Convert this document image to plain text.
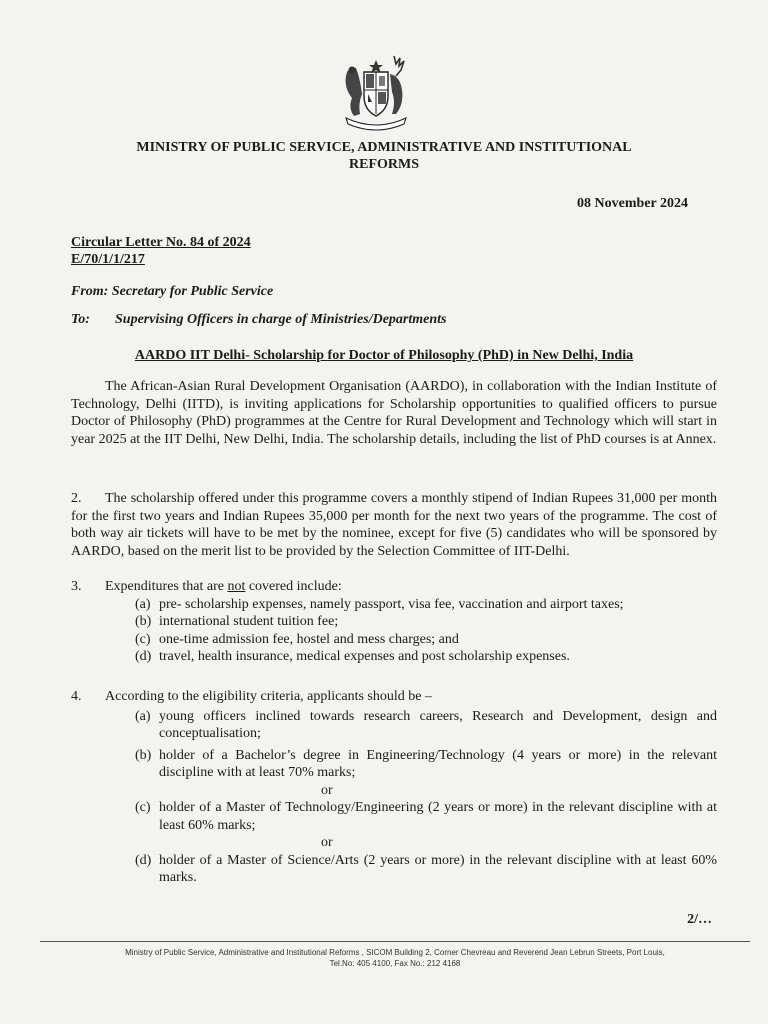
MINISTRY OF PUBLIC SERVICE, ADMINISTRATIVE AND INSTITUTIONAL
REFORMS
08 November 2024
Circular Letter No. 84 of 2024
E/70/1/1/217
From: Secretary for Public Service
To: Supervising Officers in charge of Ministries/Departments
AARDO IIT Delhi- Scholarship for Doctor of Philosophy (PhD) in New Delhi, India
The African-Asian Rural Development Organisation (AARDO), in collaboration with the Indian Institute of Technology, Delhi (IITD), is inviting applications for Scholarship opportunities to qualified officers to pursue Doctor of Philosophy (PhD) programmes at the Centre for Rural Development and Technology which will start in year 2025 at the IIT Delhi, New Delhi, India. The scholarship details, including the list of PhD courses is at Annex.
2. The scholarship offered under this programme covers a monthly stipend of Indian Rupees 31,000 per month for the first two years and Indian Rupees 35,000 per month for the next two years of the programme. The cost of both way air tickets will have to be met by the nominee, except for five (5) candidates who will be sponsored by AARDO, based on the merit list to be provided by the Selection Committee of IIT-Delhi.
3.	Expenditures that are not covered include:
(a) pre- scholarship expenses, namely passport, visa fee, vaccination and airport taxes;
(b) international student tuition fee;
(c) one-time admission fee, hostel and mess charges; and
(d) travel, health insurance, medical expenses and post scholarship expenses.
4.	According to the eligibility criteria, applicants should be –
(a) young officers inclined towards research careers, Research and Development, design and conceptualisation;
(b) holder of a Bachelor’s degree in Engineering/Technology (4 years or more) in the relevant discipline with at least 70% marks;
or
(c) holder of a Master of Technology/Engineering (2 years or more) in the relevant discipline with at least 60% marks;
or
(d) holder of a Master of Science/Arts (2 years or more) in the relevant discipline with at least 60% marks.
2/…
Ministry of Public Service, Administrative and Institutional Reforms , SICOM Building 2, Corner Chevreau and Reverend Jean Lebrun Streets, Port Louis,
Tel.No: 405 4100, Fax No.: 212 4168
